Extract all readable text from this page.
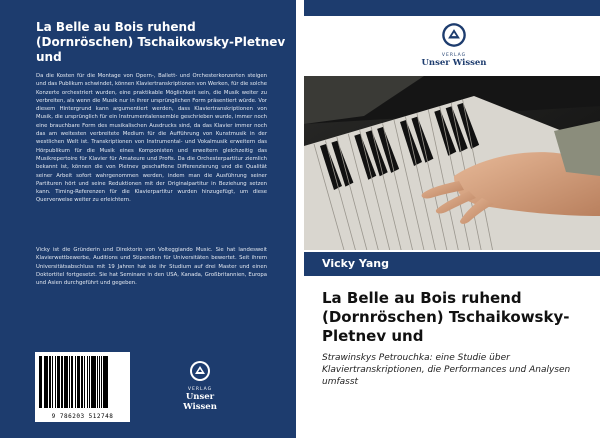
La Belle au Bois ruhend (Dornröschen) Tschaikowsky-Pletnev und
Da die Kosten für die Montage von Opern-, Ballett- und Orchesterkonzerten steigen und das Publikum schwindet, können Klaviertranskriptionen von Werken, für die solche Konzerte orchestriert wurden, eine praktikable Möglichkeit sein, die Musik weiter zu verbreiten, als wenn die Musik nur in ihrer ursprünglichen Form präsentiert würde. Vor diesem Hintergrund kann argumentiert werden, dass Klaviertranskriptionen von Musik, die ursprünglich für ein Instrumentalensemble geschrieben wurde, immer noch eine brauchbare Form des musikalischen Ausdrucks sind, da das Klavier immer noch das am weitesten verbreitete Medium für die Aufführung von Kunstmusik in der westlichen Welt ist. Transkriptionen von Instrumental- und Vokalmusik erweitern das Hörpublikum für die Musik eines Komponisten und erweitern gleichzeitig das Musikrepertoire für Klavier für Amateure und Profis. Da die Orchesterpartitur ziemlich bekannt ist, können die von Pletnev geschaffene Differenzierung und die Qualität seiner Arbeit sofort wahrgenommen werden, indem man die Ausführung seiner Partituren hört und seine Reduktionen mit der Originalpartitur in Beziehung setzen kann. Timing-Referenzen für die Klavierpartitur wurden hinzugefügt, um diese Querverweise weiter zu erleichtern.
Vicky ist die Gründerin und Direktorin von Volteggiando Music. Sie hat landesweit Klavierwettbewerbe, Auditions und Stipendien für Universitäten bewertet. Seit ihrem Universitätsabschluss mit 19 Jahren hat sie ihr Studium auf drei Master und einen Doktortitel fortgesetzt. Sie hat Seminare in den USA, Kanada, Großbritannien, Europa und Asien durchgeführt und gegeben.
9 786203 512748
VERLAG
Unser Wissen
VERLAG
Unser Wissen
Vicky Yang
La Belle au Bois ruhend (Dornröschen) Tschaikowsky-Pletnev und
Strawinskys Petrouchka: eine Studie über Klaviertranskriptionen, die Performances und Analysen umfasst
